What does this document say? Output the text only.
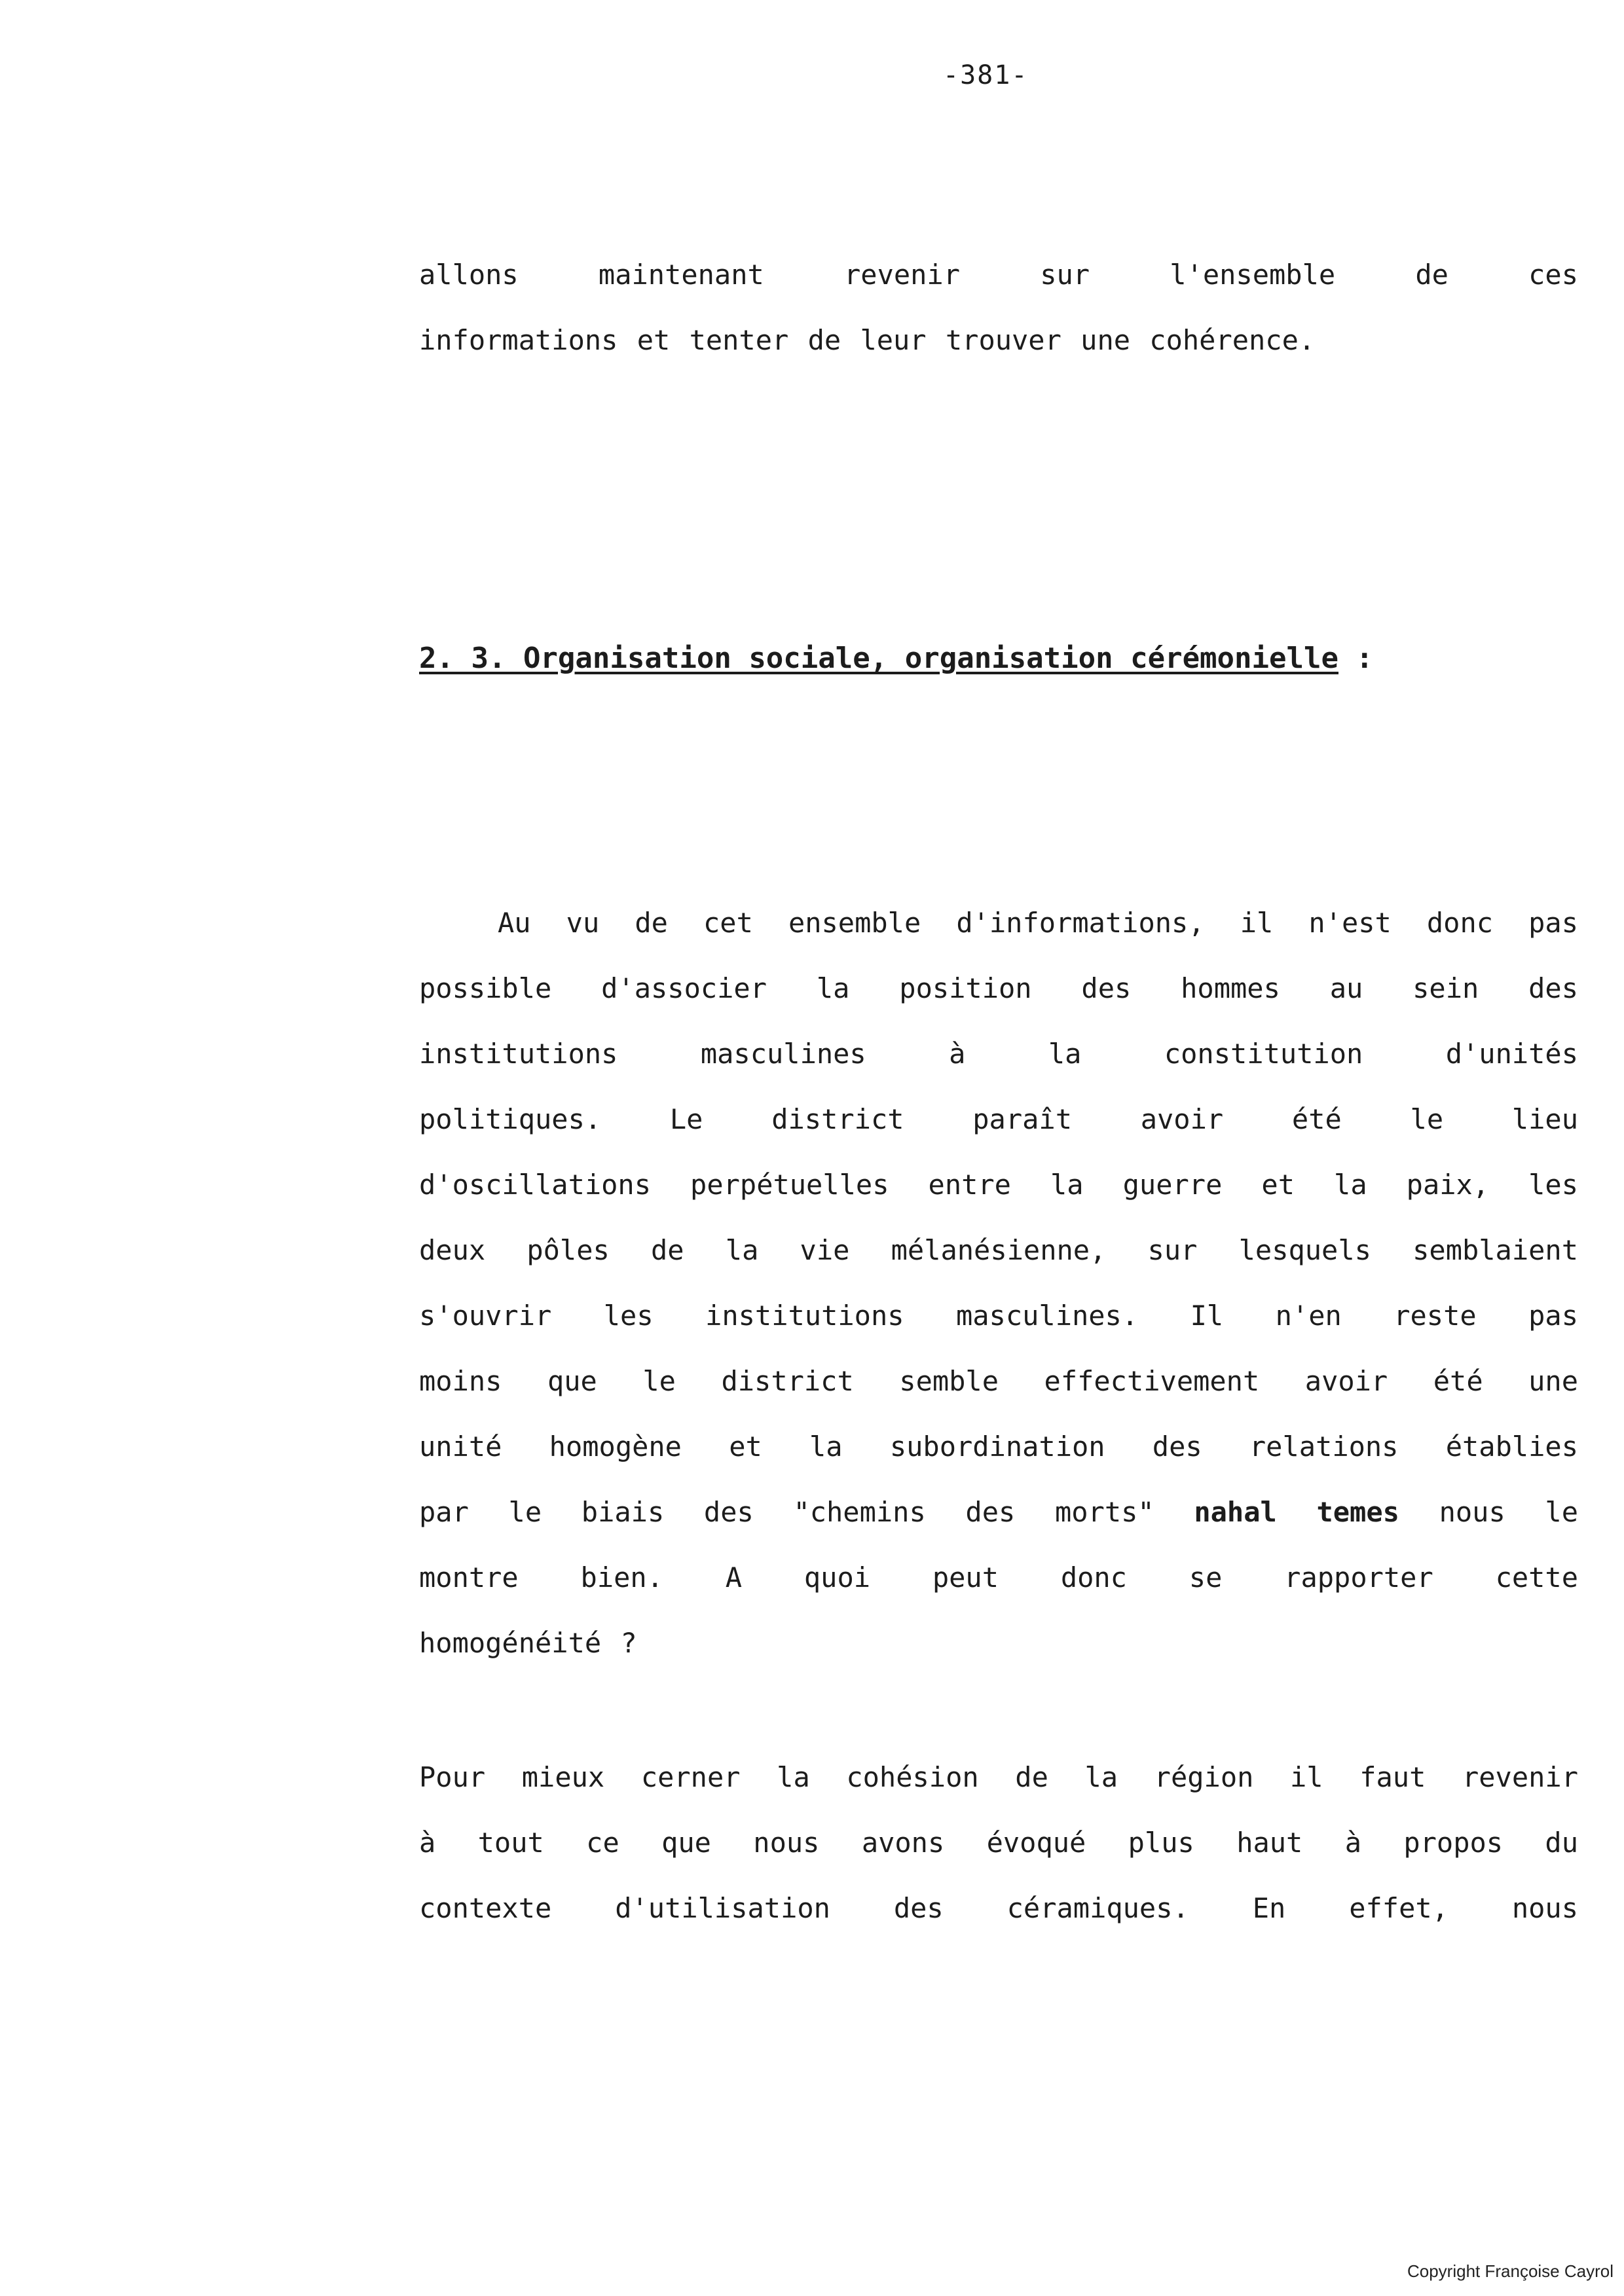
-381-
allons maintenant revenir sur l'ensemble de ces
informations et tenter de leur trouver une cohérence.
2. 3. Organisation sociale, organisation cérémonielle :
Au vu de cet ensemble d'informations, il n'est donc pas
possible d'associer la position des hommes au sein des
institutions masculines à la constitution d'unités
politiques. Le district paraît avoir été le lieu
d'oscillations perpétuelles entre la guerre et la paix, les
deux pôles de la vie mélanésienne, sur lesquels semblaient
s'ouvrir les institutions masculines. Il n'en reste pas
moins que le district semble effectivement avoir été une
unité homogène et la subordination des relations établies
par le biais des "chemins des morts" nahal temes nous le
montre bien. A quoi peut donc se rapporter cette
homogénéité ?
Pour mieux cerner la cohésion de la région il faut revenir
à tout ce que nous avons évoqué plus haut à propos du
contexte d'utilisation des céramiques. En effet, nous
Copyright Françoise Cayrol
